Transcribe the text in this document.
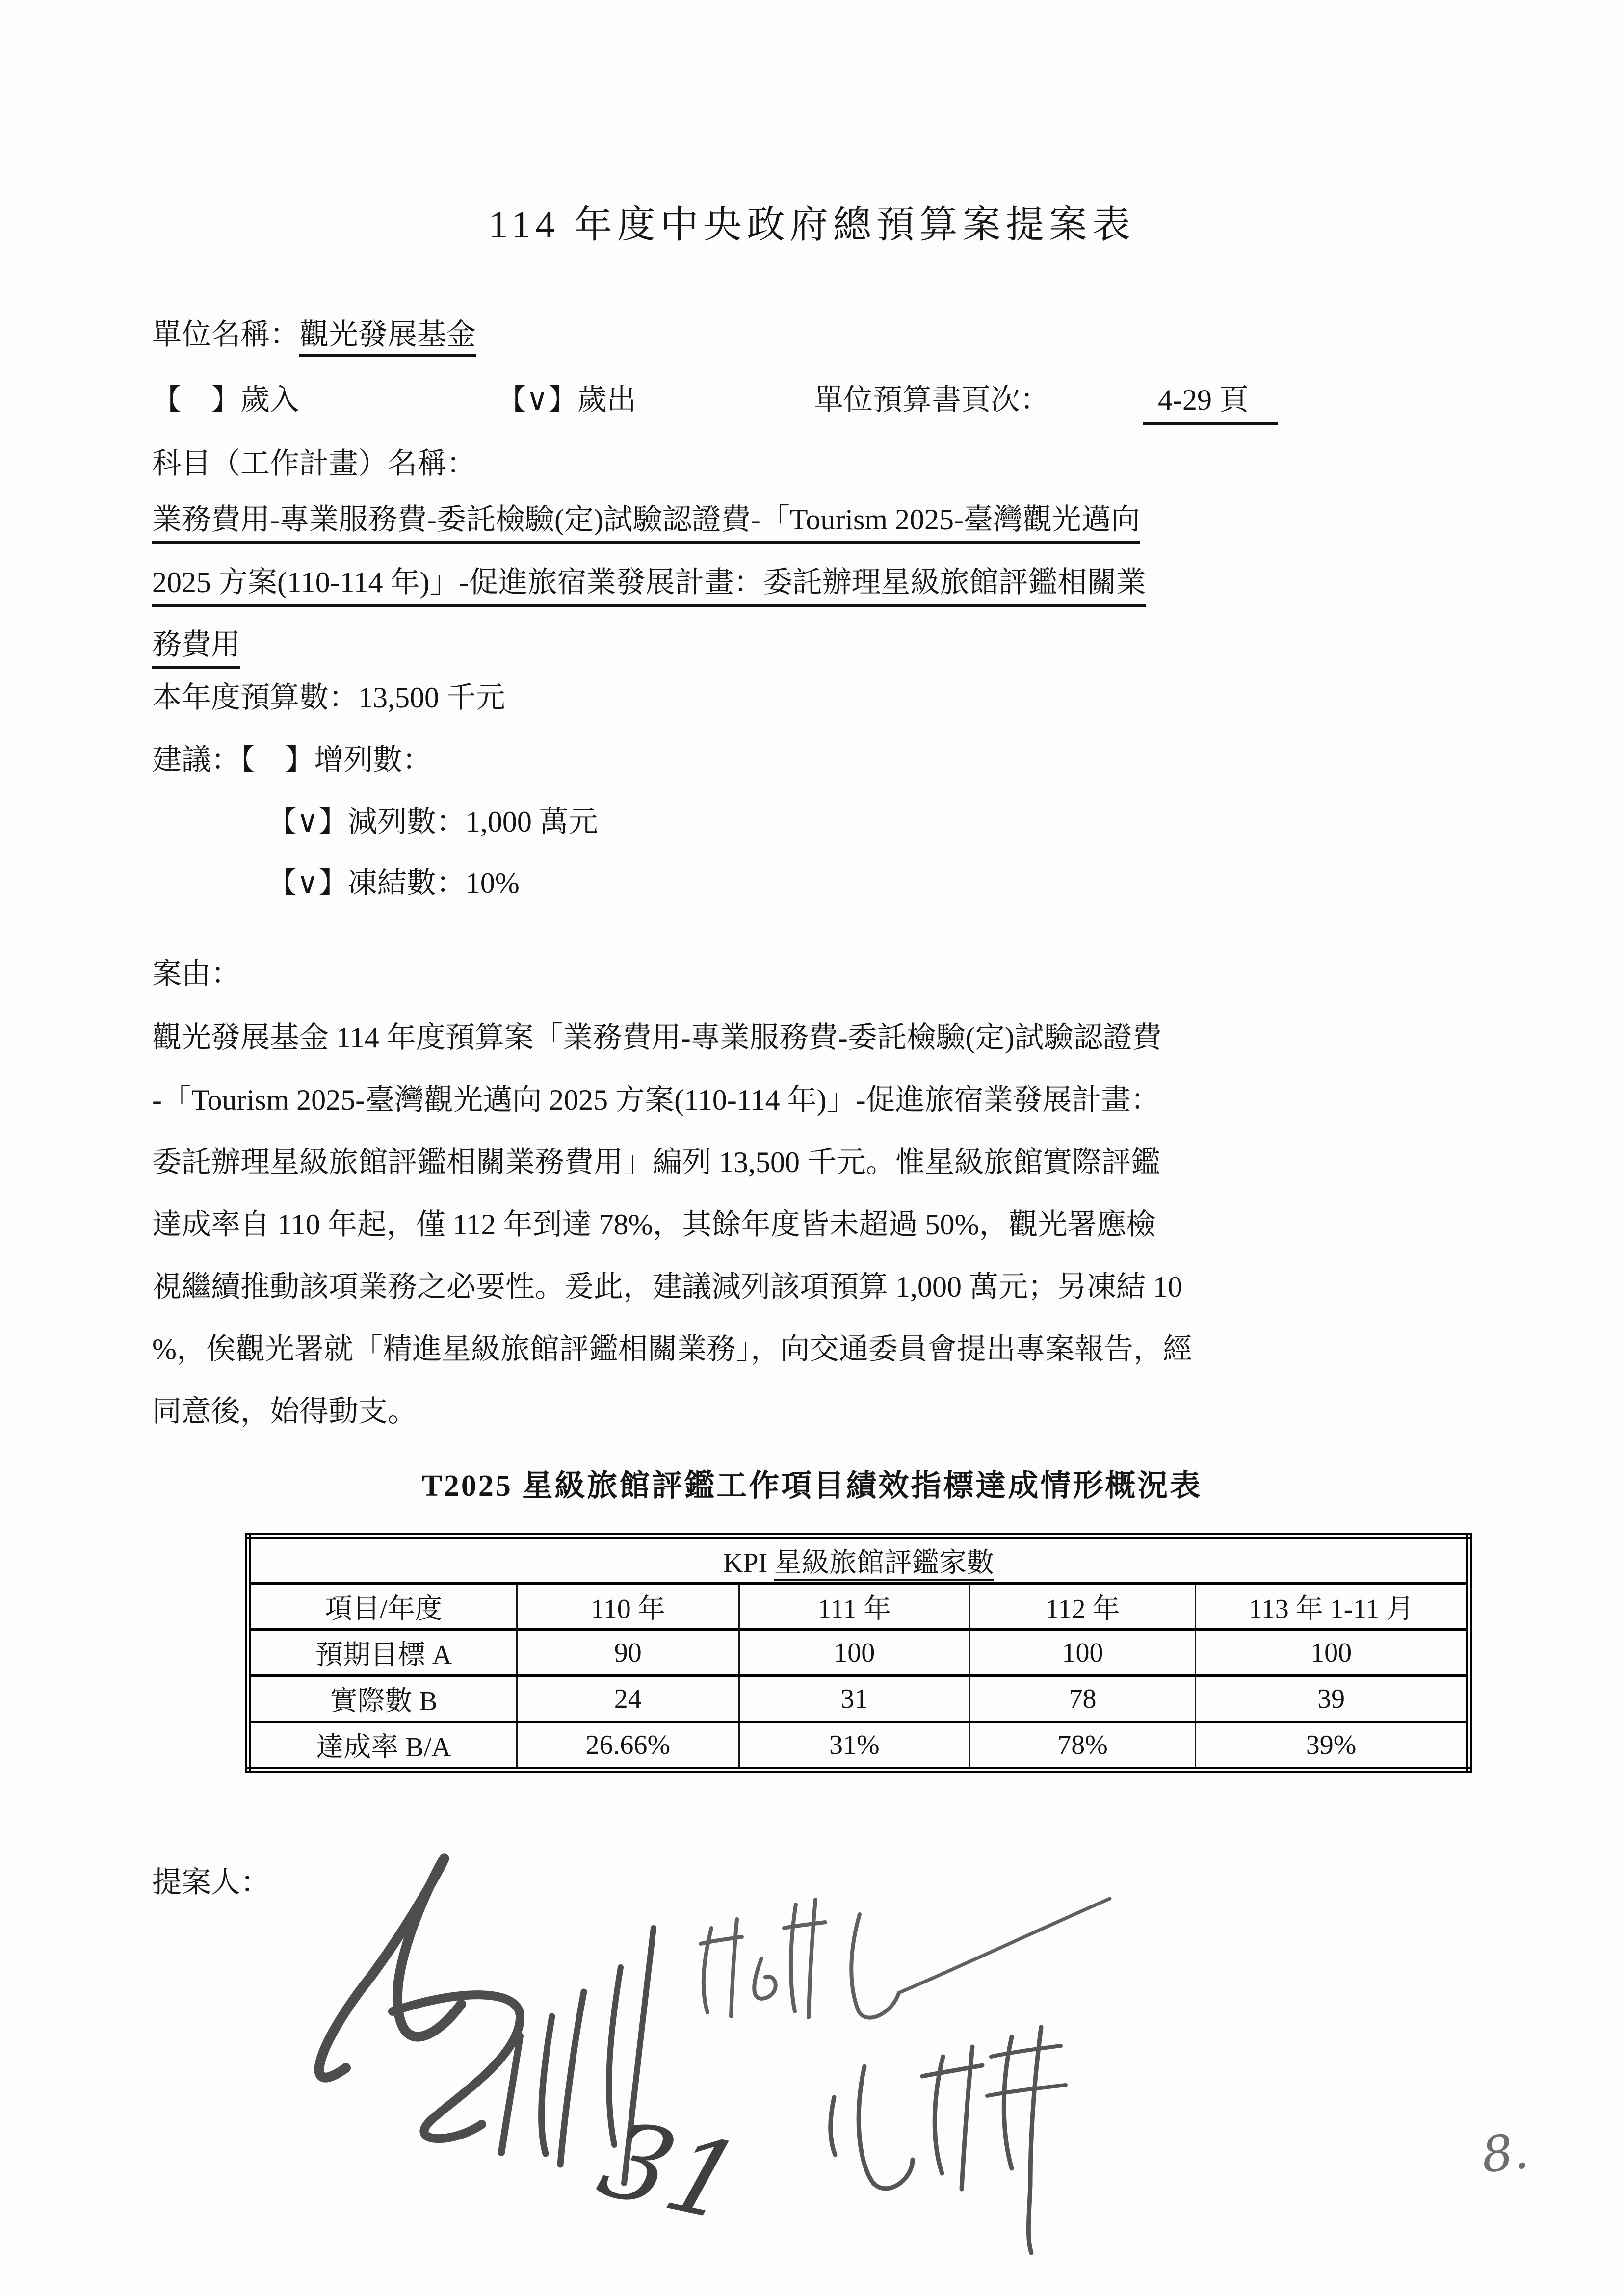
114 年度中央政府總預算案提案表
單位名稱：觀光發展基金
【　】歲入	【∨】歲出	單位預算書頁次：	4-29 頁
科目（工作計畫）名稱：
業務費用-專業服務費-委託檢驗(定)試驗認證費-「Tourism 2025-臺灣觀光邁向
2025 方案(110-114 年)」-促進旅宿業發展計畫：委託辦理星級旅館評鑑相關業
務費用
本年度預算數：13,500 千元
建議：【　】增列數：
【∨】減列數：1,000 萬元
【∨】凍結數：10%
案由：
觀光發展基金 114 年度預算案「業務費用-專業服務費-委託檢驗(定)試驗認證費
-「Tourism 2025-臺灣觀光邁向 2025 方案(110-114 年)」-促進旅宿業發展計畫：
委託辦理星級旅館評鑑相關業務費用」編列 13,500 千元。惟星級旅館實際評鑑
達成率自 110 年起，僅 112 年到達 78%，其餘年度皆未超過 50%，觀光署應檢
視繼續推動該項業務之必要性。爰此，建議減列該項預算 1,000 萬元；另凍結 10
%，俟觀光署就「精進星級旅館評鑑相關業務」，向交通委員會提出專案報告，經
同意後，始得動支。
T2025 星級旅館評鑑工作項目績效指標達成情形概況表
KPI 星級旅館評鑑家數				
項目/年度	110 年	111 年	112 年	113 年 1-11 月
預期目標 A	90	100	100	100
實際數 B	24	31	78	39
達成率 B/A	26.66%	31%	78%	39%
提案人：
31	8.
